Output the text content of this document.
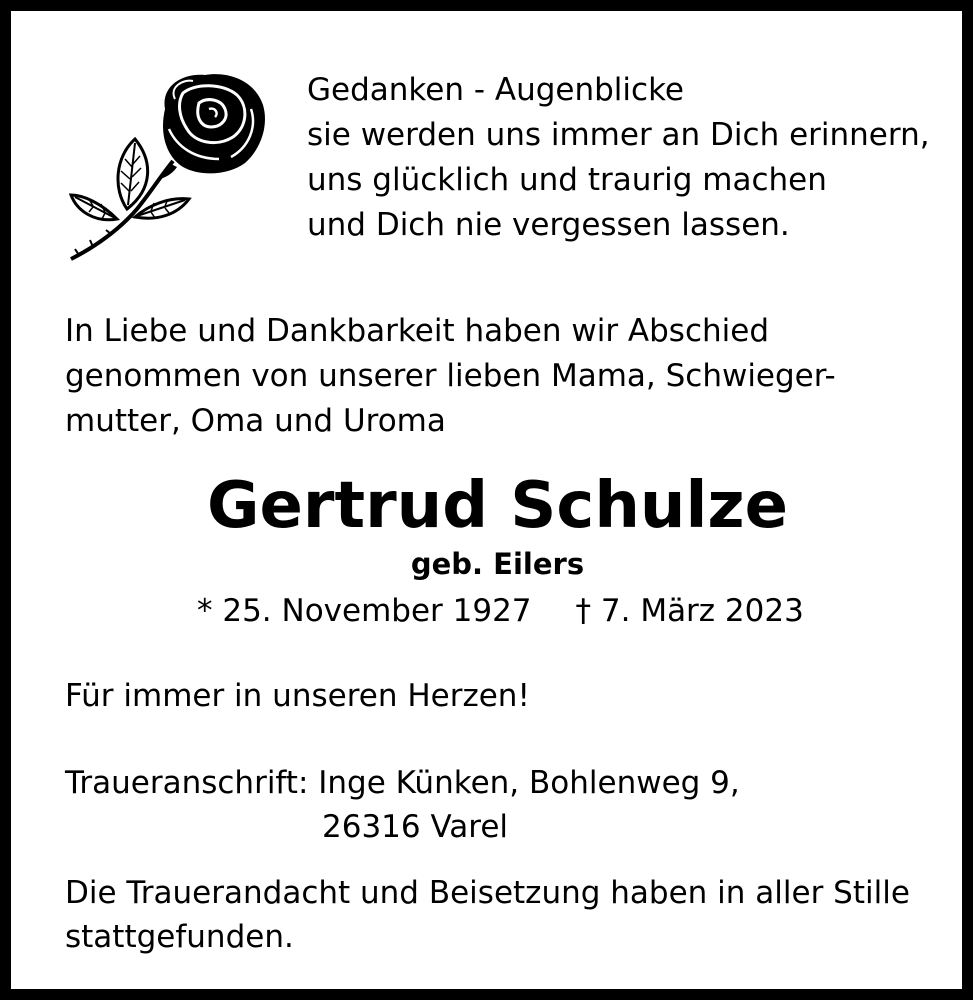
Gedanken - Augenblicke
sie werden uns immer an Dich erinnern,
uns glücklich und traurig machen
und Dich nie vergessen lassen.
In Liebe und Dankbarkeit haben wir Abschied
genommen von unserer lieben Mama, Schwieger-
mutter, Oma und Uroma
Gertrud Schulze
geb. Eilers
* 25. November 1927 † 7. März 2023
Für immer in unseren Herzen!
Traueranschrift: Inge Künken, Bohlenweg 9,
26316 Varel
Die Trauerandacht und Beisetzung haben in aller Stille
stattgefunden.
